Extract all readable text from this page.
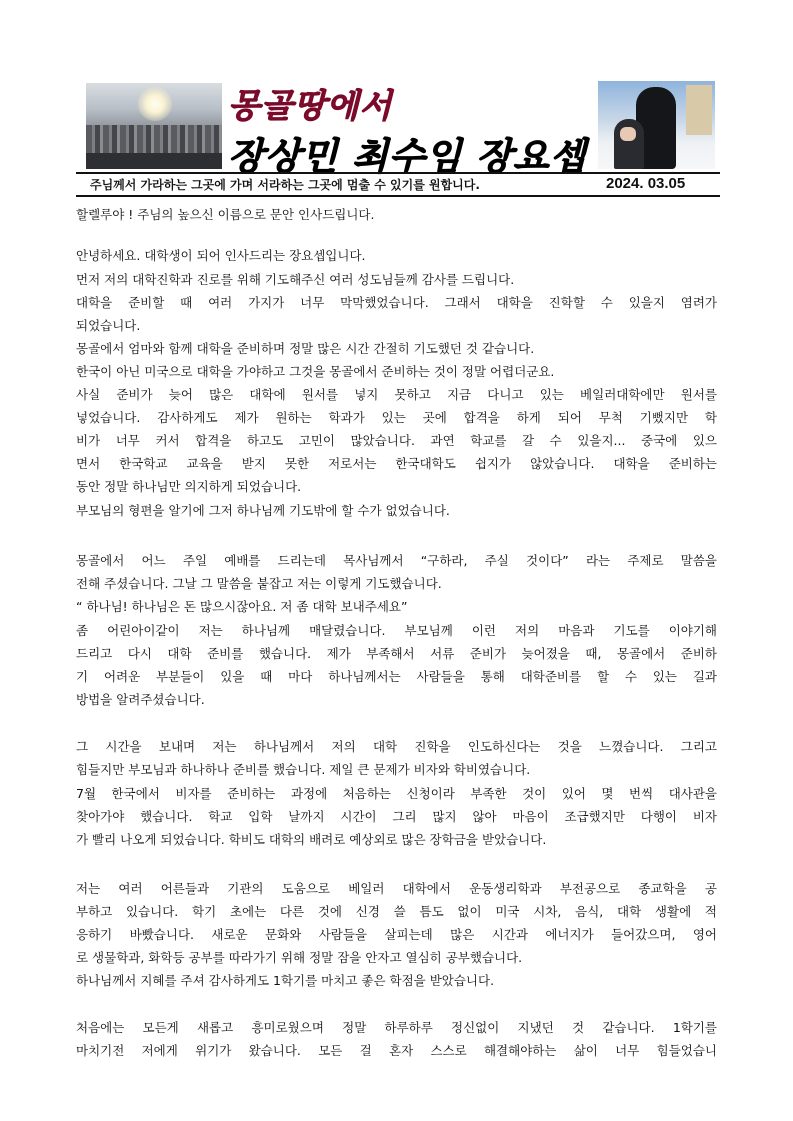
몽골땅에서
장상민 최수임 장요셉
주님께서 가라하는 그곳에 가며 서라하는 그곳에 멈출 수 있기를 원합니다.	2024. 03.05
할렐루야 ! 주님의 높으신 이름으로 문안 인사드립니다.
안녕하세요. 대학생이 되어 인사드리는 장요셉입니다.
먼저 저의 대학진학과 진로를 위해 기도해주신 여러 성도님들께 감사를 드립니다.
대학을 준비할 때 여러 가지가 너무 막막했었습니다. 그래서 대학을 진학할 수 있을지 염려가
되었습니다.
몽골에서 엄마와 함께 대학을 준비하며 정말 많은 시간 간절히 기도했던 것 같습니다.
한국이 아닌 미국으로 대학을 가야하고 그것을 몽골에서 준비하는 것이 정말 어렵더군요.
사실 준비가 늦어 많은 대학에 원서를 넣지 못하고 지금 다니고 있는 베일러대학에만 원서를
넣었습니다. 감사하게도 제가 원하는 학과가 있는 곳에 합격을 하게 되어 무척 기뻤지만 학
비가 너무 커서 합격을 하고도 고민이 많았습니다. 과연 학교를 갈 수 있을지... 중국에 있으
면서 한국학교 교육을 받지 못한 저로서는 한국대학도 쉽지가 않았습니다. 대학을 준비하는
동안 정말 하나님만 의지하게 되었습니다.
부모님의 형편을 알기에 그저 하나님께 기도밖에 할 수가 없었습니다.
몽골에서 어느 주일 예배를 드리는데 목사님께서 “구하라, 주실 것이다” 라는 주제로 말씀을
전해 주셨습니다. 그날 그 말씀을 붙잡고 저는 이렇게 기도했습니다.
“ 하나님! 하나님은 돈 많으시잖아요. 저 좀 대학 보내주세요”
좀 어린아이같이 저는 하나님께 매달렸습니다. 부모님께 이런 저의 마음과 기도를 이야기해
드리고 다시 대학 준비를 했습니다. 제가 부족해서 서류 준비가 늦어졌을 때, 몽골에서 준비하
기 어려운 부분들이 있을 때 마다 하나님께서는 사람들을 통해 대학준비를 할 수 있는 길과
방법을 알려주셨습니다.
그 시간을 보내며 저는 하나님께서 저의 대학 진학을 인도하신다는 것을 느꼈습니다. 그리고
힘들지만 부모님과 하나하나 준비를 했습니다. 제일 큰 문제가 비자와 학비였습니다.
7월 한국에서 비자를 준비하는 과정에 처음하는 신청이라 부족한 것이 있어 몇 번씩 대사관을
찾아가야 했습니다. 학교 입학 날까지 시간이 그리 많지 않아 마음이 조급했지만 다행이 비자
가 빨리 나오게 되었습니다. 학비도 대학의 배려로 예상외로 많은 장학금을 받았습니다.
저는 여러 어른들과 기관의 도움으로 베일러 대학에서 운동생리학과 부전공으로 종교학을 공
부하고 있습니다. 학기 초에는 다른 것에 신경 쓸 틈도 없이 미국 시차, 음식, 대학 생활에 적
응하기 바빴습니다. 새로운 문화와 사람들을 살피는데 많은 시간과 에너지가 들어갔으며, 영어
로 생물학과, 화학등 공부를 따라가기 위해 정말 잠을 안자고 열심히 공부했습니다.
하나님께서 지혜를 주셔 감사하게도 1학기를 마치고 좋은 학점을 받았습니다.
처음에는 모든게 새롭고 흥미로웠으며 정말 하루하루 정신없이 지냈던 것 같습니다. 1학기를
마치기전 저에게 위기가 왔습니다. 모든 걸 혼자 스스로 해결해야하는 삶이 너무 힘들었습니
